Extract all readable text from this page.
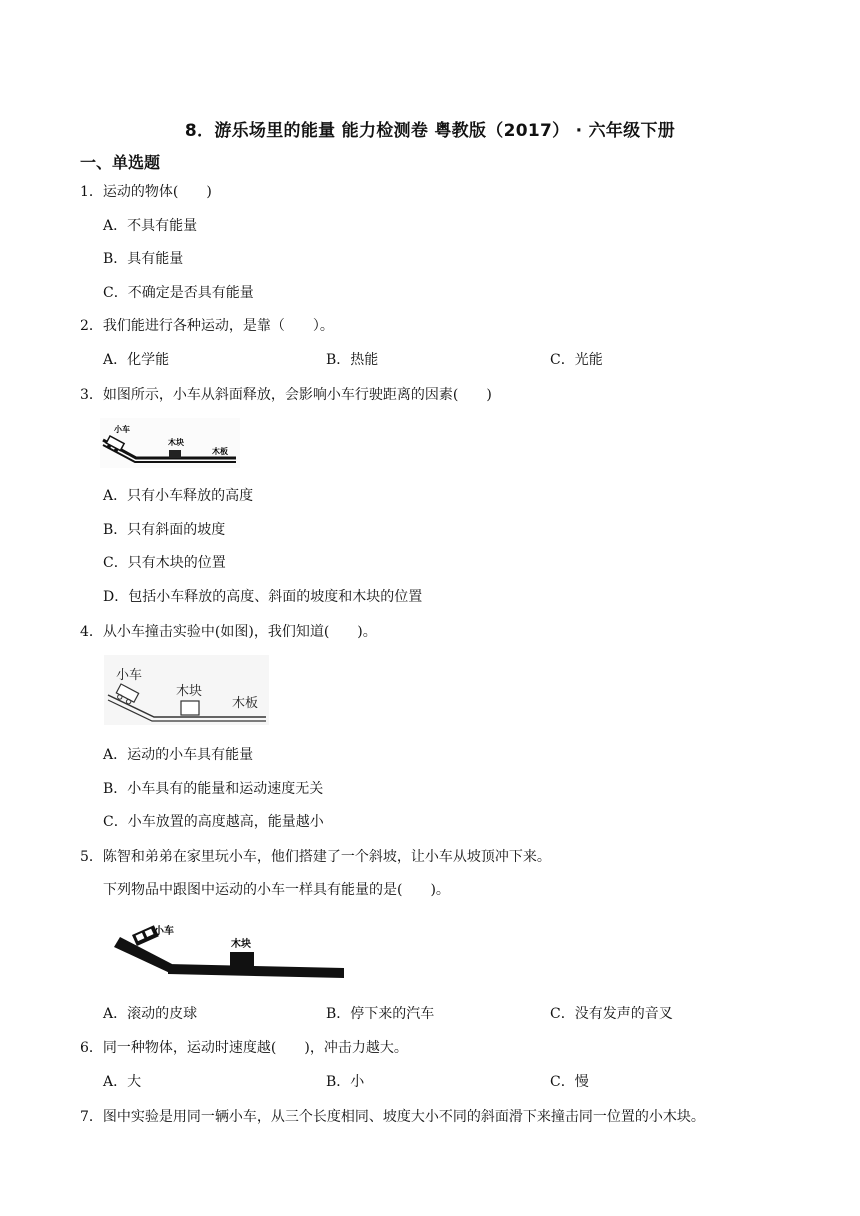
8．游乐场里的能量 能力检测卷 粤教版（2017） · 六年级下册
一、单选题
1．运动的物体(　　)
A．不具有能量
B．具有能量
C．不确定是否具有能量
2．我们能进行各种运动，是靠（　　）。
A．化学能	B．热能	C．光能
3．如图所示，小车从斜面释放，会影响小车行驶距离的因素(　　)
小车
木块
木板
A．只有小车释放的高度
B．只有斜面的坡度
C．只有木块的位置
D．包括小车释放的高度、斜面的坡度和木块的位置
4．从小车撞击实验中(如图)，我们知道(　　)。
小车
木块
木板
A．运动的小车具有能量
B．小车具有的能量和运动速度无关
C．小车放置的高度越高，能量越小
5．陈智和弟弟在家里玩小车，他们搭建了一个斜坡，让小车从坡顶冲下来。
下列物品中跟图中运动的小车一样具有能量的是(　　)。
小车
木块
A．滚动的皮球	B．停下来的汽车	C．没有发声的音叉
6．同一种物体，运动时速度越(　　)，冲击力越大。
A．大	B．小	C．慢
7．图中实验是用同一辆小车，从三个长度相同、坡度大小不同的斜面滑下来撞击同一位置的小木块。
